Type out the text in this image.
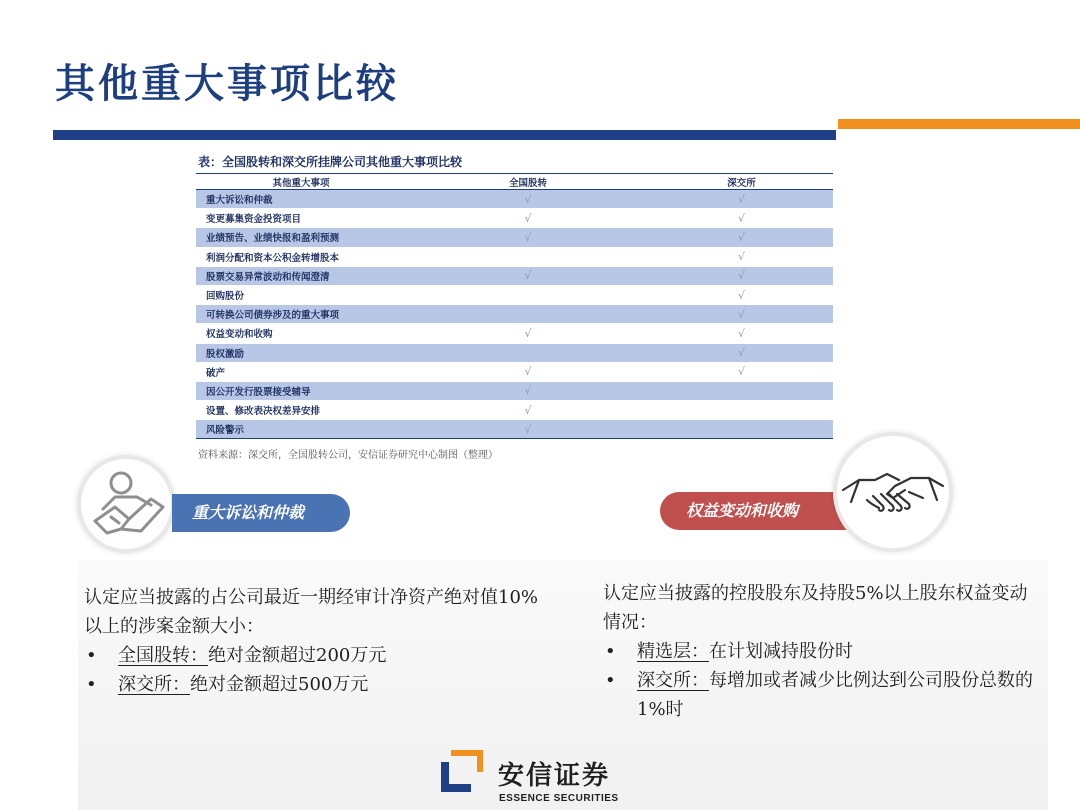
其他重大事项比较
表：全国股转和深交所挂牌公司其他重大事项比较
其他重大事项	全国股转	深交所
重大诉讼和仲裁	√	√
变更募集资金投资项目	√	√
业绩预告、业绩快报和盈利预测	√	√
利润分配和资本公积金转增股本		√
股票交易异常波动和传闻澄清	√	√
回购股份		√
可转换公司债券涉及的重大事项		√
权益变动和收购	√	√
股权激励		√
破产	√	√
因公开发行股票接受辅导	√	
设置、修改表决权差异安排	√	
风险警示	√	
资料来源：深交所，全国股转公司，安信证券研究中心制图（整理）
重大诉讼和仲裁	权益变动和收购
认定应当披露的占公司最近一期经审计净资产绝对值10%以上的涉案金额大小：
• 全国股转：绝对金额超过200万元
• 深交所：绝对金额超过500万元
认定应当披露的控股股东及持股5%以上股东权益变动情况：
• 精选层：在计划减持股份时
• 深交所：每增加或者减少比例达到公司股份总数的1%时
安信证券
ESSENCE SECURITIES
